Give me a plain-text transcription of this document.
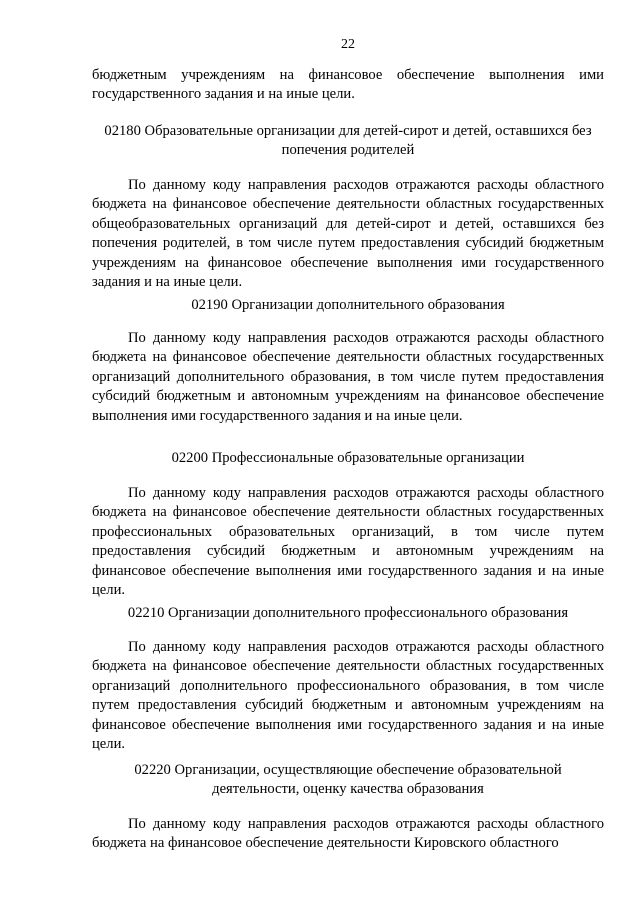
22

бюджетным учреждениям на финансовое обеспечение выполнения ими государственного задания и на иные цели.

02180 Образовательные организации для детей-сирот и детей, оставшихся без
попечения родителей

По данному коду направления расходов отражаются расходы областного бюджета на финансовое обеспечение деятельности областных государственных общеобразовательных организаций для детей-сирот и детей, оставшихся без попечения родителей, в том числе путем предоставления субсидий бюджетным учреждениям на финансовое обеспечение выполнения ими государственного задания и на иные цели.

02190 Организации дополнительного образования

По данному коду направления расходов отражаются расходы областного бюджета на финансовое обеспечение деятельности областных государственных организаций дополнительного образования, в том числе путем предоставления субсидий бюджетным и автономным учреждениям на финансовое обеспечение выполнения ими государственного задания и на иные цели.

02200 Профессиональные образовательные организации

По данному коду направления расходов отражаются расходы областного бюджета на финансовое обеспечение деятельности областных государственных профессиональных образовательных организаций, в том числе путем предоставления субсидий бюджетным и автономным учреждениям на финансовое обеспечение выполнения ими государственного задания и на иные цели.

02210 Организации дополнительного профессионального образования

По данному коду направления расходов отражаются расходы областного бюджета на финансовое обеспечение деятельности областных государственных организаций дополнительного профессионального образования, в том числе путем предоставления субсидий бюджетным и автономным учреждениям на финансовое обеспечение выполнения ими государственного задания и на иные цели.

02220 Организации, осуществляющие обеспечение образовательной
деятельности, оценку качества образования

По данному коду направления расходов отражаются расходы областного бюджета на финансовое обеспечение деятельности Кировского областного
